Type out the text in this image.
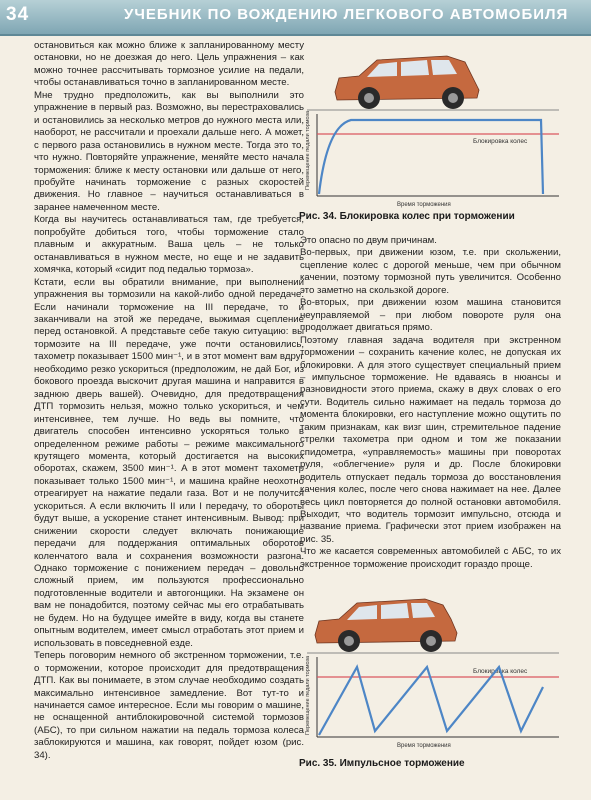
34	УЧЕБНИК ПО ВОЖДЕНИЮ ЛЕГКОВОГО АВТОМОБИЛЯ

остановиться как можно ближе к запланированному месту остановки, но не доезжая до него. Цель упражнения – как можно точнее рассчитывать тормозное усилие на педали, чтобы останавливаться точно в запланированном месте.

Мне трудно предположить, как вы выполнили это упражнение в первый раз. Возможно, вы перестраховались и остановились за несколько метров до нужного места или, наоборот, не рассчитали и проехали дальше него. А может, с первого раза остановились в нужном месте. Тогда это то, что нужно. Повторяйте упражнение, меняйте место начала торможения: ближе к месту остановки или дальше от него, пробуйте начинать торможение с разных скоростей движения. Но главное – научиться останавливаться в заранее намеченном месте.

Когда вы научитесь останавливаться там, где требуется, попробуйте добиться того, чтобы торможение стало плавным и аккуратным. Ваша цель – не только останавливаться в нужном месте, но еще и не задавить хомячка, который «сидит под педалью тормоза».

Кстати, если вы обратили внимание, при выполнении упражнения вы тормозили на какой-либо одной передаче. Если начинали торможение на III передаче, то и заканчивали на этой же передаче, выжимая сцепление перед остановкой. А представьте себе такую ситуацию: вы тормозите на III передаче, уже почти остановились, тахометр показывает 1500 мин⁻¹, и в этот момент вам вдруг необходимо резко ускориться (предположим, не дай Бог, из бокового проезда выскочит другая машина и направится в заднюю дверь вашей). Очевидно, для предотвращения ДТП тормозить нельзя, можно только ускориться, и чем интенсивнее, тем лучше. Но ведь вы помните, что двигатель способен интенсивно ускоряться только в определенном режиме работы – режиме максимального крутящего момента, который достигается на высоких оборотах, скажем, 3500 мин⁻¹. А в этот момент тахометр показывает только 1500 мин⁻¹, и машина крайне неохотно отреагирует на нажатие педали газа. Вот и не получится ускориться. А если включить II или I передачу, то обороты будут выше, а ускорение станет интенсивным. Вывод: при снижении скорости следует включать понижающие передачи для поддержания оптимальных оборотов коленчатого вала и сохранения возможности разгона. Однако торможение с понижением передач – довольно сложный прием, им пользуются профессионально подготовленные водители и автогонщики. На экзамене он вам не понадобится, поэтому сейчас мы его отрабатывать не будем. Но на будущее имейте в виду, когда вы станете опытным водителем, имеет смысл отработать этот прием и использовать в повседневной езде.

Теперь поговорим немного об экстренном торможении, т.е. о торможении, которое происходит для предотвращения ДТП. Как вы понимаете, в этом случае необходимо создать максимально интенсивное замедление. Вот тут-то и начинается самое интересное. Если мы говорим о машине, не оснащенной антиблокировочной системой тормозов (АБС), то при сильном нажатии на педаль тормоза колеса заблокируются и машина, как говорят, пойдет юзом (рис. 34).

Перемещение педали тормоза	Блокировка колес
Время торможения
Рис. 34. Блокировка колес при торможении

Это опасно по двум причинам.

Во-первых, при движении юзом, т.е. при скольжении, сцепление колес с дорогой меньше, чем при обычном качении, поэтому тормозной путь увеличится. Особенно это заметно на скользкой дороге.

Во-вторых, при движении юзом машина становится неуправляемой – при любом повороте руля она продолжает двигаться прямо.

Поэтому главная задача водителя при экстренном торможении – сохранить качение колес, не допуская их блокировки. А для этого существует специальный прием – импульсное торможение. Не вдаваясь в нюансы и разновидности этого приема, скажу в двух словах о его сути. Водитель сильно нажимает на педаль тормоза до момента блокировки, его наступление можно ощутить по таким признакам, как визг шин, стремительное падение стрелки тахометра при одном и том же показании спидометра, «управляемость» машины при поворотах руля, «облегчение» руля и др. После блокировки водитель отпускает педаль тормоза до восстановления качения колес, после чего снова нажимает на нее. Далее весь цикл повторяется до полной остановки автомобиля. Выходит, что водитель тормозит импульсно, отсюда и название приема. Графически этот прием изображен на рис. 35.

Что же касается современных автомобилей с АБС, то их экстренное торможение происходит гораздо проще.

Перемещение педали тормоза	Блокировка колес
Время торможения
Рис. 35. Импульсное торможение
